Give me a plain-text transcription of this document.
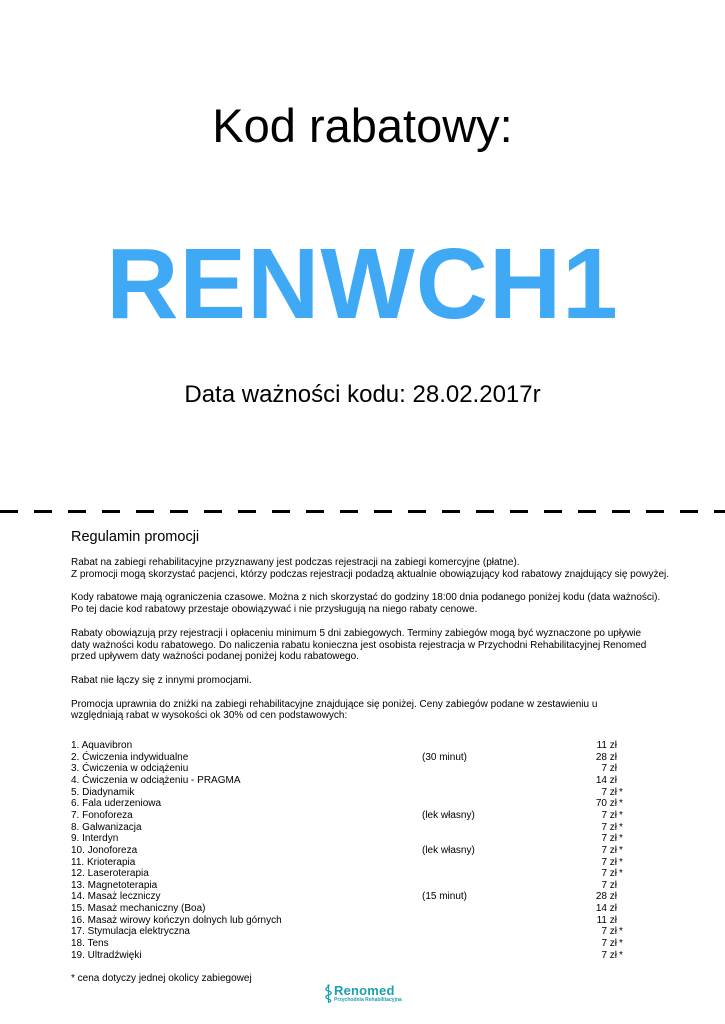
Kod rabatowy:
RENWCH1
Data ważności kodu: 28.02.2017r
Regulamin promocji
Rabat na zabiegi rehabilitacyjne przyznawany jest podczas rejestracji na zabiegi komercyjne (płatne).
Z promocji mogą skorzystać pacjenci, którzy podczas rejestracji podadzą aktualnie obowiązujący kod rabatowy znajdujący się powyżej.
Kody rabatowe mają ograniczenia czasowe. Można z nich skorzystać do godziny 18:00 dnia podanego poniżej kodu (data ważności).
Po tej dacie kod rabatowy przestaje obowiązywać i nie przysługują na niego rabaty cenowe.
Rabaty obowiązują przy rejestracji i opłaceniu minimum 5 dni zabiegowych. Terminy zabiegów mogą być wyznaczone po upływie
daty ważności kodu rabatowego. Do naliczenia rabatu konieczna jest osobista rejestracja w Przychodni Rehabilitacyjnej Renomed
przed upływem daty ważności podanej poniżej kodu rabatowego.
Rabat nie łączy się z innymi promocjami.
Promocja uprawnia do zniżki na zabiegi rehabilitacyjne znajdujące się poniżej. Ceny zabiegów podane w zestawieniu u
względniają rabat w wysokości ok 30% od cen podstawowych:
1. Aquavibron	11 zł
2. Ćwiczenia indywidualne	(30 minut)	28 zł
3. Ćwiczenia w odciążeniu	7 zł
4. Ćwiczenia w odciążeniu - PRAGMA	14 zł
5. Diadynamik	7 zł *
6. Fala uderzeniowa	70 zł *
7. Fonoforeza	(lek własny)	7 zł *
8. Galwanizacja	7 zł *
9. Interdyn	7 zł *
10. Jonoforeza	(lek własny)	7 zł *
11. Krioterapia	7 zł *
12. Laseroterapia	7 zł *
13. Magnetoterapia	7 zł
14. Masaż leczniczy	(15 minut)	28 zł
15. Masaż mechaniczny (Boa)	14 zł
16. Masaż wirowy kończyn dolnych lub górnych	11 zł
17. Stymulacja elektryczna	7 zł *
18. Tens	7 zł *
19. Ultradźwięki	7 zł *
* cena dotyczy jednej okolicy zabiegowej
Renomed
Przychodnia Rehabilitacyjna
